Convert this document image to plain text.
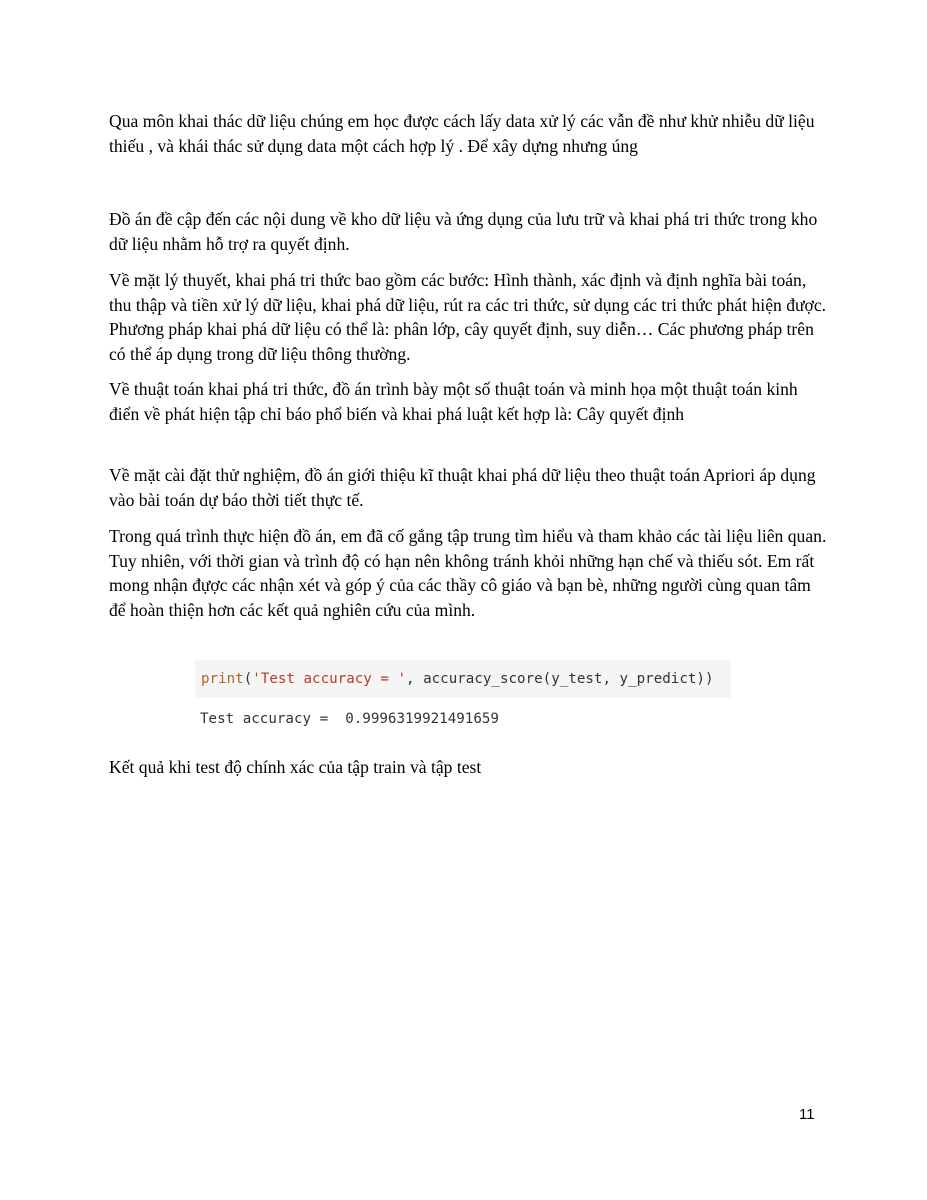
Qua môn khai thác dữ liệu chúng em học được cách lấy data xử lý các vẫn đề như khử nhiễu dữ liệu thiếu , và khái thác sử dụng data một cách hợp lý . Để xây dựng nhưng úng

Đồ án đề cập đến các nội dung về kho dữ liệu và ứng dụng của lưu trữ và khai phá tri thức trong kho dữ liệu nhằm hỗ trợ ra quyết định.

Về mặt lý thuyết, khai phá tri thức bao gồm các bước: Hình thành, xác định và định nghĩa bài toán, thu thập và tiền xử lý dữ liệu, khai phá dữ liệu, rút ra các tri thức, sử dụng các tri thức phát hiện được. Phương pháp khai phá dữ liệu có thể là: phân lớp, cây quyết định, suy diễn… Các phương pháp trên có thể áp dụng trong dữ liệu thông thường.

Về thuật toán khai phá tri thức, đồ án trình bày một số thuật toán và minh họa một thuật toán kinh điển về phát hiện tập chỉ báo phổ biến và khai phá luật kết hợp là: Cây quyết định

Về mặt cài đặt thử nghiệm, đồ án giới thiệu kĩ thuật khai phá dữ liệu theo thuật toán Apriori áp dụng vào bài toán dự báo thời tiết thực tế.

Trong quá trình thực hiện đồ án, em đã cố gắng tập trung tìm hiểu và tham khảo các tài liệu liên quan. Tuy nhiên, với thời gian và trình độ có hạn nên không tránh khỏi những hạn chế và thiếu sót. Em rất mong nhận đựợc các nhận xét và góp ý của các thầy cô giáo và bạn bè, những người cùng quan tâm để hoàn thiện hơn các kết quả nghiên cứu của mình.

print('Test accuracy = ', accuracy_score(y_test, y_predict))
Test accuracy =  0.9996319921491659

Kết quả khi test độ chính xác của tập train và tập test

11
